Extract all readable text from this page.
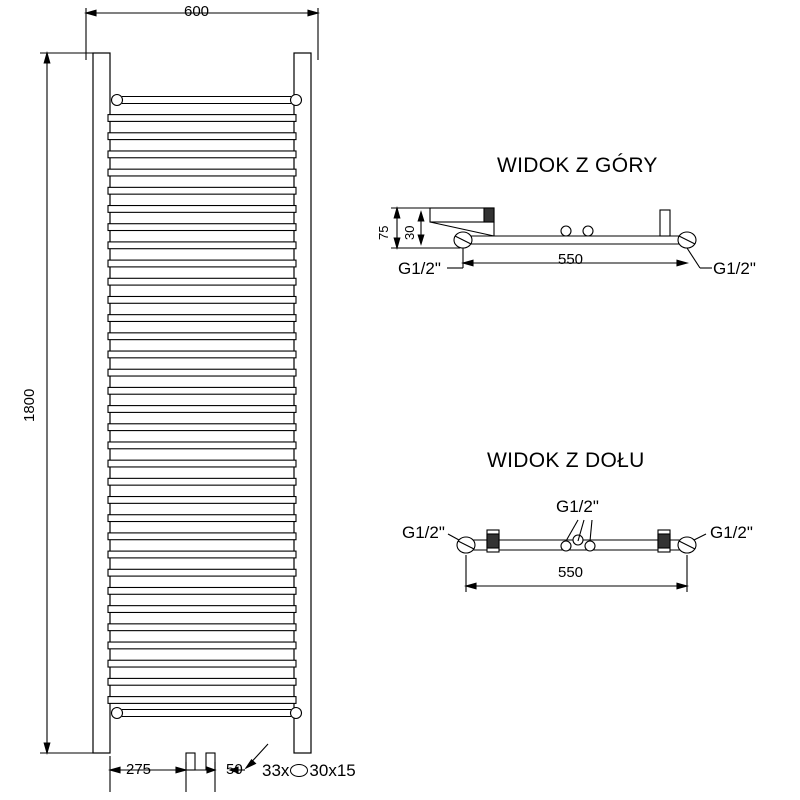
600
1800
275	50 33x 30x15
WIDOK Z GÓRY
75 30
550
G1/2"	G1/2"
WIDOK Z DOŁU
G1/2"
G1/2"	G1/2"
550
